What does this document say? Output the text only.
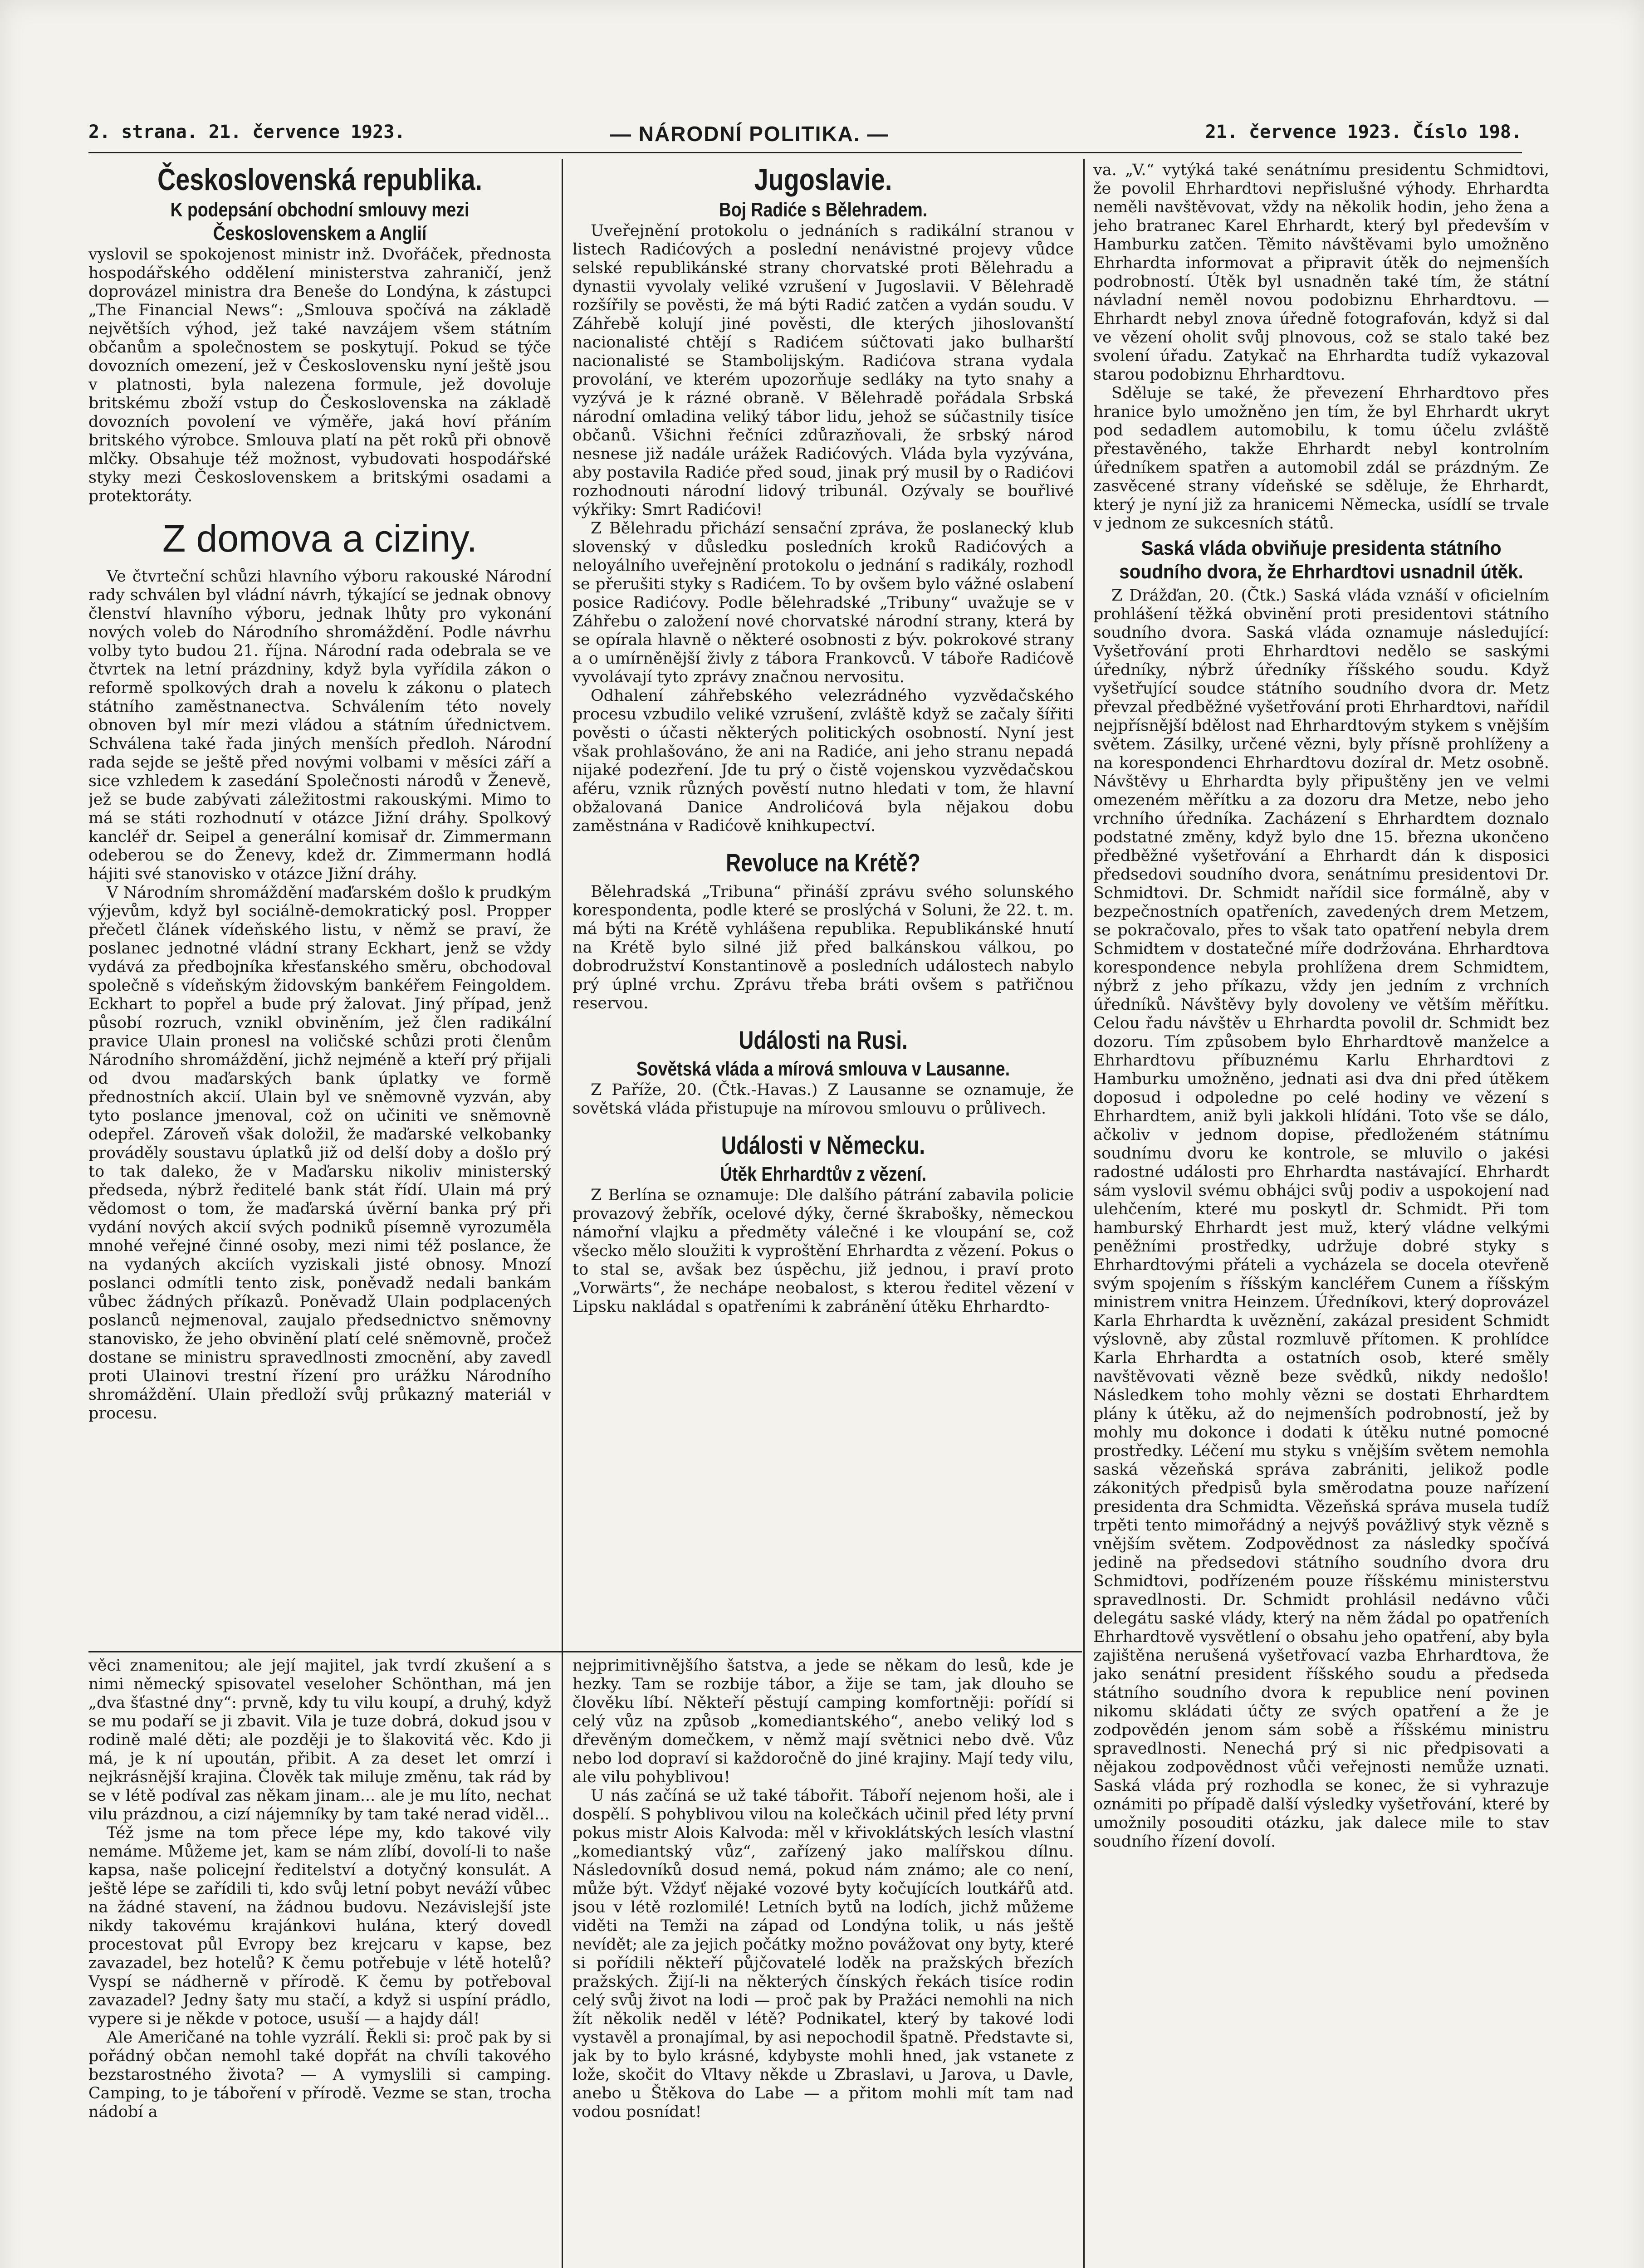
2. strana. 21. července 1923.	— NÁRODNÍ POLITIKA. —	21. července 1923. Číslo 198.
Československá republika.
K podepsání obchodní smlouvy mezi
Československem a Anglií

vyslovil se spokojenost ministr inž. Dvořáček, přednosta hospodářského oddělení ministerstva zahraničí, jenž doprovázel ministra dra Beneše do Londýna, k zástupci „The Financial News“: „Smlouva spočívá na základě největších výhod, jež také navzájem všem státním občanům a společnostem se poskytují. Pokud se týče dovozních omezení, jež v Československu nyní ještě jsou v platnosti, byla nalezena formule, jež dovoluje britskému zboží vstup do Československa na základě dovozních povolení ve výměře, jaká hoví přáním britského výrobce. Smlouva platí na pět roků při obnově mlčky. Obsahuje též možnost, vybudovati hospodářské styky mezi Československem a britskými osadami a protektoráty.

Z domova a ciziny.

Ve čtvrteční schůzi hlavního výboru rakouské Národní rady schválen byl vládní návrh, týkající se jednak obnovy členství hlavního výboru, jednak lhůty pro vykonání nových voleb do Národního shromáždění. Podle návrhu volby tyto budou 21. října. Národní rada odebrala se ve čtvrtek na letní prázdniny, když byla vyřídila zákon o reformě spolkových drah a novelu k zákonu o platech státního zaměstnanectva. Schválením této novely obnoven byl mír mezi vládou a státním úřednictvem. Schválena také řada jiných menších předloh. Národní rada sejde se ještě před novými volbami v měsíci září a sice vzhledem k zasedání Společnosti národů v Ženevě, jež se bude zabývati záležitostmi rakouskými. Mimo to má se státi rozhodnutí v otázce Jižní dráhy. Spolkový kancléř dr. Seipel a generální komisař dr. Zimmermann odeberou se do Ženevy, kdež dr. Zimmermann hodlá hájiti své stanovisko v otázce Jižní dráhy.

V Národním shromáždění maďarském došlo k prudkým výjevům, když byl sociálně-demokratický posl. Propper přečetl článek vídeňského listu, v němž se praví, že poslanec jednotné vládní strany Eckhart, jenž se vždy vydává za předbojníka křesťanského směru, obchodoval společně s vídeňským židovským bankéřem Feingoldem. Eckhart to popřel a bude prý žalovat. Jiný případ, jenž působí rozruch, vznikl obviněním, jež člen radikální pravice Ulain pronesl na voličské schůzi proti členům Národního shromáždění, jichž nejméně a kteří prý přijali od dvou maďarských bank úplatky ve formě přednostních akcií. Ulain byl ve sněmovně vyzván, aby tyto poslance jmenoval, což on učiniti ve sněmovně odepřel. Zároveň však doložil, že maďarské velkobanky prováděly soustavu úplatků již od delší doby a došlo prý to tak daleko, že v Maďarsku nikoliv ministerský předseda, nýbrž ředitelé bank stát řídí. Ulain má prý vědomost o tom, že maďarská úvěrní banka prý při vydání nových akcií svých podniků písemně vyrozuměla mnohé veřejné činné osoby, mezi nimi též poslance, že na vydaných akciích vyziskali jisté obnosy. Mnozí poslanci odmítli tento zisk, poněvadž nedali bankám vůbec žádných příkazů. Poněvadž Ulain podplacených poslanců nejmenoval, zaujalo předsednictvo sněmovny stanovisko, že jeho obvinění platí celé sněmovně, pročež dostane se ministru spravedlnosti zmocnění, aby zavedl proti Ulainovi trestní řízení pro urážku Národního shromáždění. Ulain předloží svůj průkazný materiál v procesu.

Jugoslavie.
Boj Radiće s Bělehradem.

Uveřejnění protokolu o jednáních s radikální stranou v listech Radićových a poslední nenávistné projevy vůdce selské republikánské strany chorvatské proti Bělehradu a dynastii vyvolaly veliké vzrušení v Jugoslavii. V Bělehradě rozšířily se pověsti, že má býti Radić zatčen a vydán soudu. V Záhřebě kolují jiné pověsti, dle kterých jihoslovanští nacionalisté chtějí s Radićem súčtovati jako bulharští nacionalisté se Stambolijským. Radićova strana vydala provolání, ve kterém upozorňuje sedláky na tyto snahy a vyzývá je k rázné obraně. V Bělehradě pořádala Srbská národní omladina veliký tábor lidu, jehož se súčastnily tisíce občanů. Všichni řečníci zdůrazňovali, že srbský národ nesnese již nadále urážek Radićových. Vláda byla vyzývána, aby postavila Radiće před soud, jinak prý musil by o Radićovi rozhodnouti národní lidový tribunál. Ozývaly se bouřlivé výkřiky: Smrt Radićovi!

Z Bělehradu přichází sensační zpráva, že poslanecký klub slovenský v důsledku posledních kroků Radićových a neloyálního uveřejnění protokolu o jednání s radikály, rozhodl se přerušiti styky s Radićem. To by ovšem bylo vážné oslabení posice Radićovy. Podle bělehradské „Tribuny“ uvažuje se v Záhřebu o založení nové chorvatské národní strany, která by se opírala hlavně o některé osobnosti z býv. pokrokové strany a o umírněnější živly z tábora Frankovců. V táboře Radićově vyvolávají tyto zprávy značnou nervositu.

Odhalení záhřebského velezrádného vyzvědačského procesu vzbudilo veliké vzrušení, zvláště když se začaly šířiti pověsti o účasti některých politických osobností. Nyní jest však prohlašováno, že ani na Radiće, ani jeho stranu nepadá nijaké podezření. Jde tu prý o čistě vojenskou vyzvědačskou aféru, vznik různých pověstí nutno hledati v tom, že hlavní obžalovaná Danice Androlićová byla nějakou dobu zaměstnána v Radićově knihkupectví.

Revoluce na Krétě?

Bělehradská „Tribuna“ přináší zprávu svého solunského korespondenta, podle které se proslýchá v Soluni, že 22. t. m. má býti na Krétě vyhlášena republika. Republikánské hnutí na Krétě bylo silné již před balkánskou válkou, po dobrodružství Konstantinově a posledních událostech nabylo prý úplné vrchu. Zprávu třeba bráti ovšem s patřičnou reservou.

Události na Rusi.
Sovětská vláda a mírová smlouva v Lausanne.

Z Paříže, 20. (Čtk.-Havas.) Z Lausanne se oznamuje, že sovětská vláda přistupuje na mírovou smlouvu o průlivech.

Události v Německu.
Útěk Ehrhardtův z vězení.

Z Berlína se oznamuje: Dle dalšího pátrání zabavila policie provazový žebřík, ocelové dýky, černé škraboškу, německou námořní vlajku a předměty válečné i ke vloupání se, což všecko mělo sloužiti k vyproštění Ehrhardta z vězení. Pokus o to stal se, avšak bez úspěchu, již jednou, i praví proto „Vorwärts“, že nechápe neobalost, s kterou ředitel vězení v Lipsku nakládal s opatřeními k zabránění útěku Ehrhardto-

va. „V.“ vytýká také senátnímu presidentu Schmidtovi, že povolil Ehrhardtovi nepřislušné výhody. Ehrhardta neměli navštěvovat, vždy na několik hodin, jeho žena a jeho bratranec Karel Ehrhardt, který byl především v Hamburku zatčen. Těmito návštěvami bylo umožněno Ehrhardta informovat a připravit útěk do nejmenších podrobností. Útěk byl usnadněn také tím, že státní návladní neměl novou podobiznu Ehrhardtovu. — Ehrhardt nebyl znova úředně fotografován, když si dal ve vězení oholit svůj plnovous, což se stalo také bez svolení úřadu. Zatykač na Ehrhardta tudíž vykazoval starou podobiznu Ehrhardtovu.

Sděluje se také, že převezení Ehrhardtovo přes hranice bylo umožněno jen tím, že byl Ehrhardt ukryt pod sedadlem automobilu, k tomu účelu zvláště přestavěného, takže Ehrhardt nebyl kontrolním úředníkem spatřen a automobil zdál se prázdným. Ze zasvěcené strany vídeňské se sděluje, že Ehrhardt, který je nyní již za hranicemi Německa, usídlí se trvale v jednom ze sukcesních států.

Saská vláda obviňuje presidenta státního soudního dvora, že Ehrhardtovi usnadnil útěk.

Z Drážďan, 20. (Čtk.) Saská vláda vznáší v oficielním prohlášení těžká obvinění proti presidentovi státního soudního dvora. Saská vláda oznamuje následující: Vyšetřování proti Ehrhardtovi nedělo se saskými úředníky, nýbrž úředníky říšského soudu. Když vyšetřující soudce státního soudního dvora dr. Metz převzal předběžné vyšetřování proti Ehrhardtovi, nařídil nejpřísnější bdělost nad Ehrhardtovým stykem s vnějším světem. Zásilky, určené vězni, byly přísně prohlíženy a na korespondenci Ehrhardtovu dozíral dr. Metz osobně. Návštěvy u Ehrhardta byly připuštěny jen ve velmi omezeném měřítku a za dozoru dra Metze, nebo jeho vrchního úředníka. Zacházení s Ehrhardtem doznalo podstatné změny, když bylo dne 15. března ukončeno předběžné vyšetřování a Ehrhardt dán k disposici předsedovi soudního dvora, senátnímu presidentovi Dr. Schmidtovi. Dr. Schmidt nařídil sice formálně, aby v bezpečnostních opatřeních, zavedených drem Metzem, se pokračovalo, přes to však tato opatření nebyla drem Schmidtem v dostatečné míře dodržována. Ehrhardtova korespondence nebyla prohlížena drem Schmidtem, nýbrž z jeho příkazu, vždy jen jedním z vrchních úředníků. Návštěvy byly dovoleny ve větším měřítku. Celou řadu návštěv u Ehrhardta povolil dr. Schmidt bez dozoru. Tím způsobem bylo Ehrhardtově manželce a Ehrhardtovu příbuznému Karlu Ehrhardtovi z Hamburku umožněno, jednati asi dva dni před útěkem doposud i odpoledne po celé hodiny ve vězení s Ehrhardtem, aniž byli jakkoli hlídáni. Toto vše se dálo, ačkoliv v jednom dopise, předloženém státnímu soudnímu dvoru ke kontrole, se mluvilo o jakési radostné události pro Ehrhardta nastávající. Ehrhardt sám vyslovil svému obhájci svůj podiv a uspokojení nad ulehčením, které mu poskytl dr. Schmidt. Při tom hamburský Ehrhardt jest muž, který vládne velkými peněžními prostředky, udržuje dobré styky s Ehrhardtovými přáteli a vycházela se docela otevřeně svým spojením s říšským kancléřem Cunem a říšským ministrem vnitra Heinzem. Úředníkovi, který doprovázel Karla Ehrhardta k uvěznění, zakázal president Schmidt výslovně, aby zůstal rozmluvě přítomen. K prohlídce Karla Ehrhardta a ostatních osob, které směly navštěvovati vězně beze svědků, nikdy nedošlo! Následkem toho mohly vězni se dostati Ehrhardtem plány k útěku, až do nejmenších podrobností, jež by mohly mu dokonce i dodati k útěku nutné pomocné prostředky. Léčení mu styku s vnějším světem nemohla saská vězeňská správa zabrániti, jelikož podle zákonitých předpisů byla směrodatna pouze nařízení presidenta dra Schmidta. Vězeňská správa musela tudíž trpěti tento mimořádný a nejvýš povážlivý styk vězně s vnějším světem. Zodpovědnost za následky spočívá jedině na předsedovi státního soudního dvora dru Schmidtovi, podřízeném pouze říšskému ministerstvu spravedlnosti. Dr. Schmidt prohlásil nedávno vůči delegátu saské vlády, který na něm žádal po opatřeních Ehrhardtově vysvětlení o obsahu jeho opatření, aby byla zajištěna nerušená vyšetřovací vazba Ehrhardtova, že jako senátní president říšského soudu a předseda státního soudního dvora k republice není povinen nikomu skládati účty ze svých opatření a že je zodpovědén jenom sám sobě a říšskému ministru spravedlnosti. Nenechá prý si nic předpisovati a nějakou zodpovědnost vůči veřejnosti nemůže uznati. Saská vláda prý rozhodla se konec, že si vyhrazuje oznámiti po případě další výsledky vyšetřování, které by umožnily posouditi otázku, jak dalece mile to stav soudního řízení dovolí.

věci znamenitou; ale její majitel, jak tvrdí zkušení a s nimi německý spisovatel veseloher Schönthan, má jen „dva šťastné dny“: prvně, kdy tu vilu koupí, a druhý, když se mu podaří se ji zbavit. Vila je tuze dobrá, dokud jsou v rodině malé děti; ale později je to šlakovitá věc. Kdo ji má, je k ní upoután, přibit. A za deset let omrzí i nejkrásnější krajina. Člověk tak miluje změnu, tak rád by se v létě podíval zas někam jinam... ale je mu líto, nechat vilu prázdnou, a cizí nájemníky by tam také nerad viděl...

Též jsme na tom přece lépe my, kdo takové vily nemáme. Můžeme jet, kam se nám zlíbí, dovolí-li to naše kapsa, naše policejní ředitelství a dotyčný konsulát. A ještě lépe se zařídili ti, kdo svůj letní pobyt neváží vůbec na žádné stavení, na žádnou budovu. Nezávislejší jste nikdy takovému krajánkovi hulána, který dovedl procestovat půl Evropy bez krejcaru v kapse, bez zavazadel, bez hotelů? K čemu potřebuje v létě hotelů? Vyspí se nádherně v přírodě. K čemu by potřeboval zavazadel? Jedny šaty mu stačí, a když si uspíní prádlo, vypere si je někde v potoce, usuší — a hajdy dál!

Ale Američané na tohle vyzrálí. Řekli si: proč pak by si pořádný občan nemohl také dopřát na chvíli takového bezstarostného života? — A vymyslili si camping. Camping, to je táboření v přírodě. Vezme se stan, trocha nádobí a

nejprimitivnějšího šatstva, a jede se někam do lesů, kde je hezky. Tam se rozbije tábor, a žije se tam, jak dlouho se člověku líbí. Někteří pěstují camping komfortněji: pořídí si celý vůz na způsob „komediantského“, anebo veliký lod s dřevěným domečkem, v němž mají světnici nebo dvě. Vůz nebo lod dopraví si každoročně do jiné krajiny. Mají tedy vilu, ale vilu pohyblivou!

U nás začíná se už také tábořit. Táboří nejenom hoši, ale i dospělí. S pohyblivou vilou na kolečkách učinil před léty první pokus mistr Alois Kalvoda: měl v křivoklátských lesích vlastní „komediantský vůz“, zařízený jako malířskou dílnu. Následovníků dosud nemá, pokud nám známo; ale co není, může být. Vždyť nějaké vozové byty kočujících loutkářů atd. jsou v létě rozlomilé! Letních bytů na lodích, jichž můžeme viděti na Temži na západ od Londýna tolik, u nás ještě nevídět; ale za jejich počátky možno povážovat ony byty, které si pořídili někteří půjčovatelé loděk na pražských březích pražských. Žijí-li na některých čínských řekách tisíce rodin celý svůj život na lodi — proč pak by Pražáci nemohli na nich žít několik neděl v létě? Podnikatel, který by takové lodi vystavěl a pronajímal, by asi nepochodil špatně. Představte si, jak by to bylo krásné, kdybyste mohli hned, jak vstanete z lože, skočit do Vltavy někde u Zbraslavi, u Jarova, u Davle, anebo u Štěkova do Labe — a přitom mohli mít tam nad vodou posnídat!
